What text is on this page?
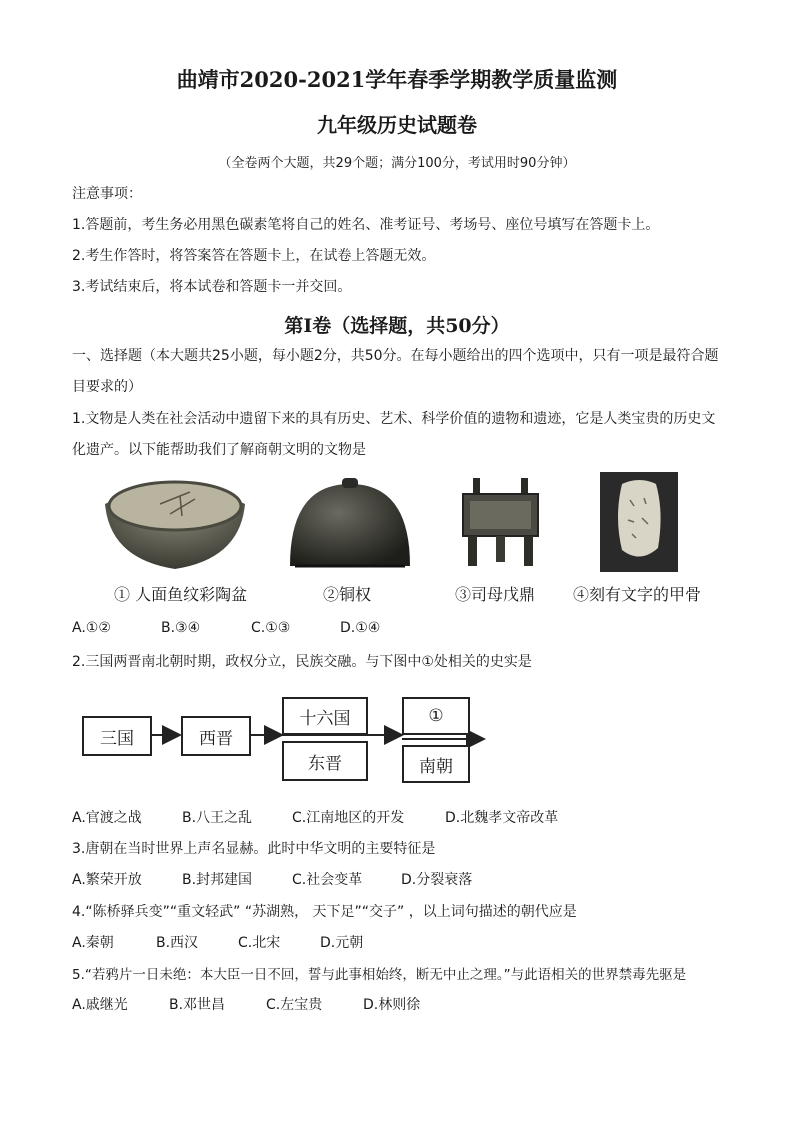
曲靖市2020-2021学年春季学期教学质量监测
九年级历史试题卷
（全卷两个大题，共29个题；满分100分，考试用时90分钟）
注意事项：
1.答题前，考生务必用黑色碳素笔将自己的姓名、准考证号、考场号、座位号填写在答题卡上。
2.考生作答时，将答案答在答题卡上，在试卷上答题无效。
3.考试结束后，将本试卷和答题卡一并交回。
第I卷（选择题，共50分）
一、选择题（本大题共25小题，每小题2分，共50分。在每小题给出的四个选项中，只有一项是最符合题目要求的）
1.文物是人类在社会活动中遗留下来的具有历史、艺术、科学价值的遗物和遗迹，它是人类宝贵的历史文化遗产。以下能帮助我们了解商朝文明的文物是
① 人面鱼纹彩陶盆	②铜权	③司母戊鼎 ④刻有文字的甲骨
A.①②	B.③④	C.①③	D.①④
2.三国两晋南北朝时期，政权分立，民族交融。与下图中①处相关的史实是
三国	西晋
十六国
东晋
①
南朝
A.官渡之战	B.八王之乱	C.江南地区的开发	D.北魏孝文帝改革
3.唐朝在当时世界上声名显赫。此时中华文明的主要特征是
A.繁荣开放	B.封邦建国	C.社会变革	D.分裂衰落
4.“陈桥驿兵变”“重文轻武” “苏湖熟， 天下足”“交子” ，以上词句描述的朝代应是
A.秦朝	B.西汉	C.北宋	D.元朝
5.“若鸦片一日未绝：本大臣一日不回，誓与此事相始终，断无中止之理。”与此语相关的世界禁毒先驱是
A.戚继光	B.邓世昌	C.左宝贵	D.林则徐
